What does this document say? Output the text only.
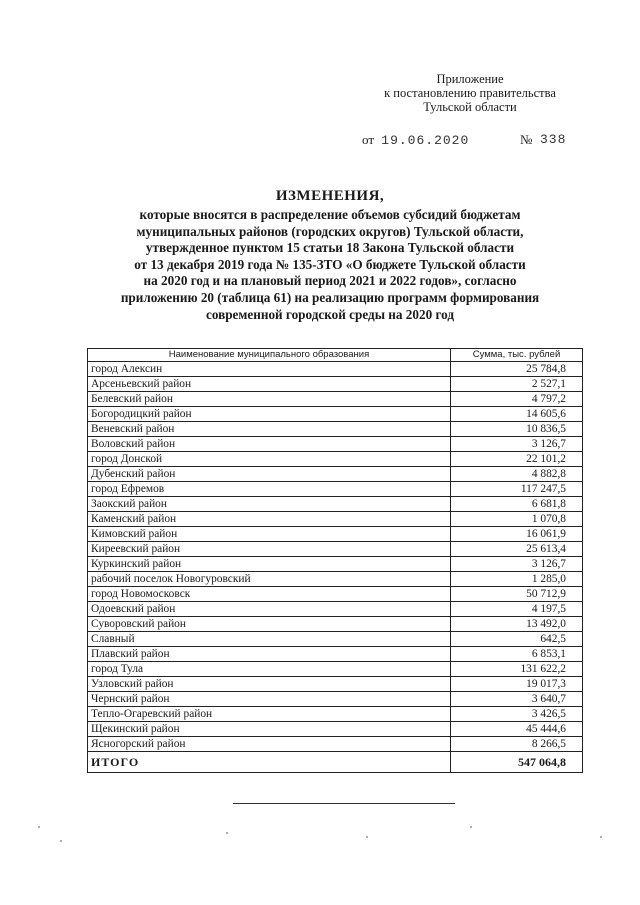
Приложение
к постановлению правительства
Тульской области
от 19.06.2020	№ 338
ИЗМЕНЕНИЯ,
которые вносятся в распределение объемов субсидий бюджетам
муниципальных районов (городских округов) Тульской области,
утвержденное пунктом 15 статьи 18 Закона Тульской области
от 13 декабря 2019 года № 135-ЗТО «О бюджете Тульской области
на 2020 год и на плановый период 2021 и 2022 годов», согласно
приложению 20 (таблица 61) на реализацию программ формирования
современной городской среды на 2020 год
Наименование муниципального образования	Сумма, тыс. рублей
город Алексин	25 784,8
Арсеньевский район	2 527,1
Белевский район	4 797,2
Богородицкий район	14 605,6
Веневский район	10 836,5
Воловский район	3 126,7
город Донской	22 101,2
Дубенский район	4 882,8
город Ефремов	117 247,5
Заокский район	6 681,8
Каменский район	1 070,8
Кимовский район	16 061,9
Киреевский район	25 613,4
Куркинский район	3 126,7
рабочий поселок Новогуровский	1 285,0
город Новомосковск	50 712,9
Одоевский район	4 197,5
Суворовский район	13 492,0
Славный	642,5
Плавский район	6 853,1
город Тула	131 622,2
Узловский район	19 017,3
Чернский район	3 640,7
Тепло-Огаревский район	3 426,5
Щекинский район	45 444,6
Ясногорский район	8 266,5
ИТОГО	547 064,8
